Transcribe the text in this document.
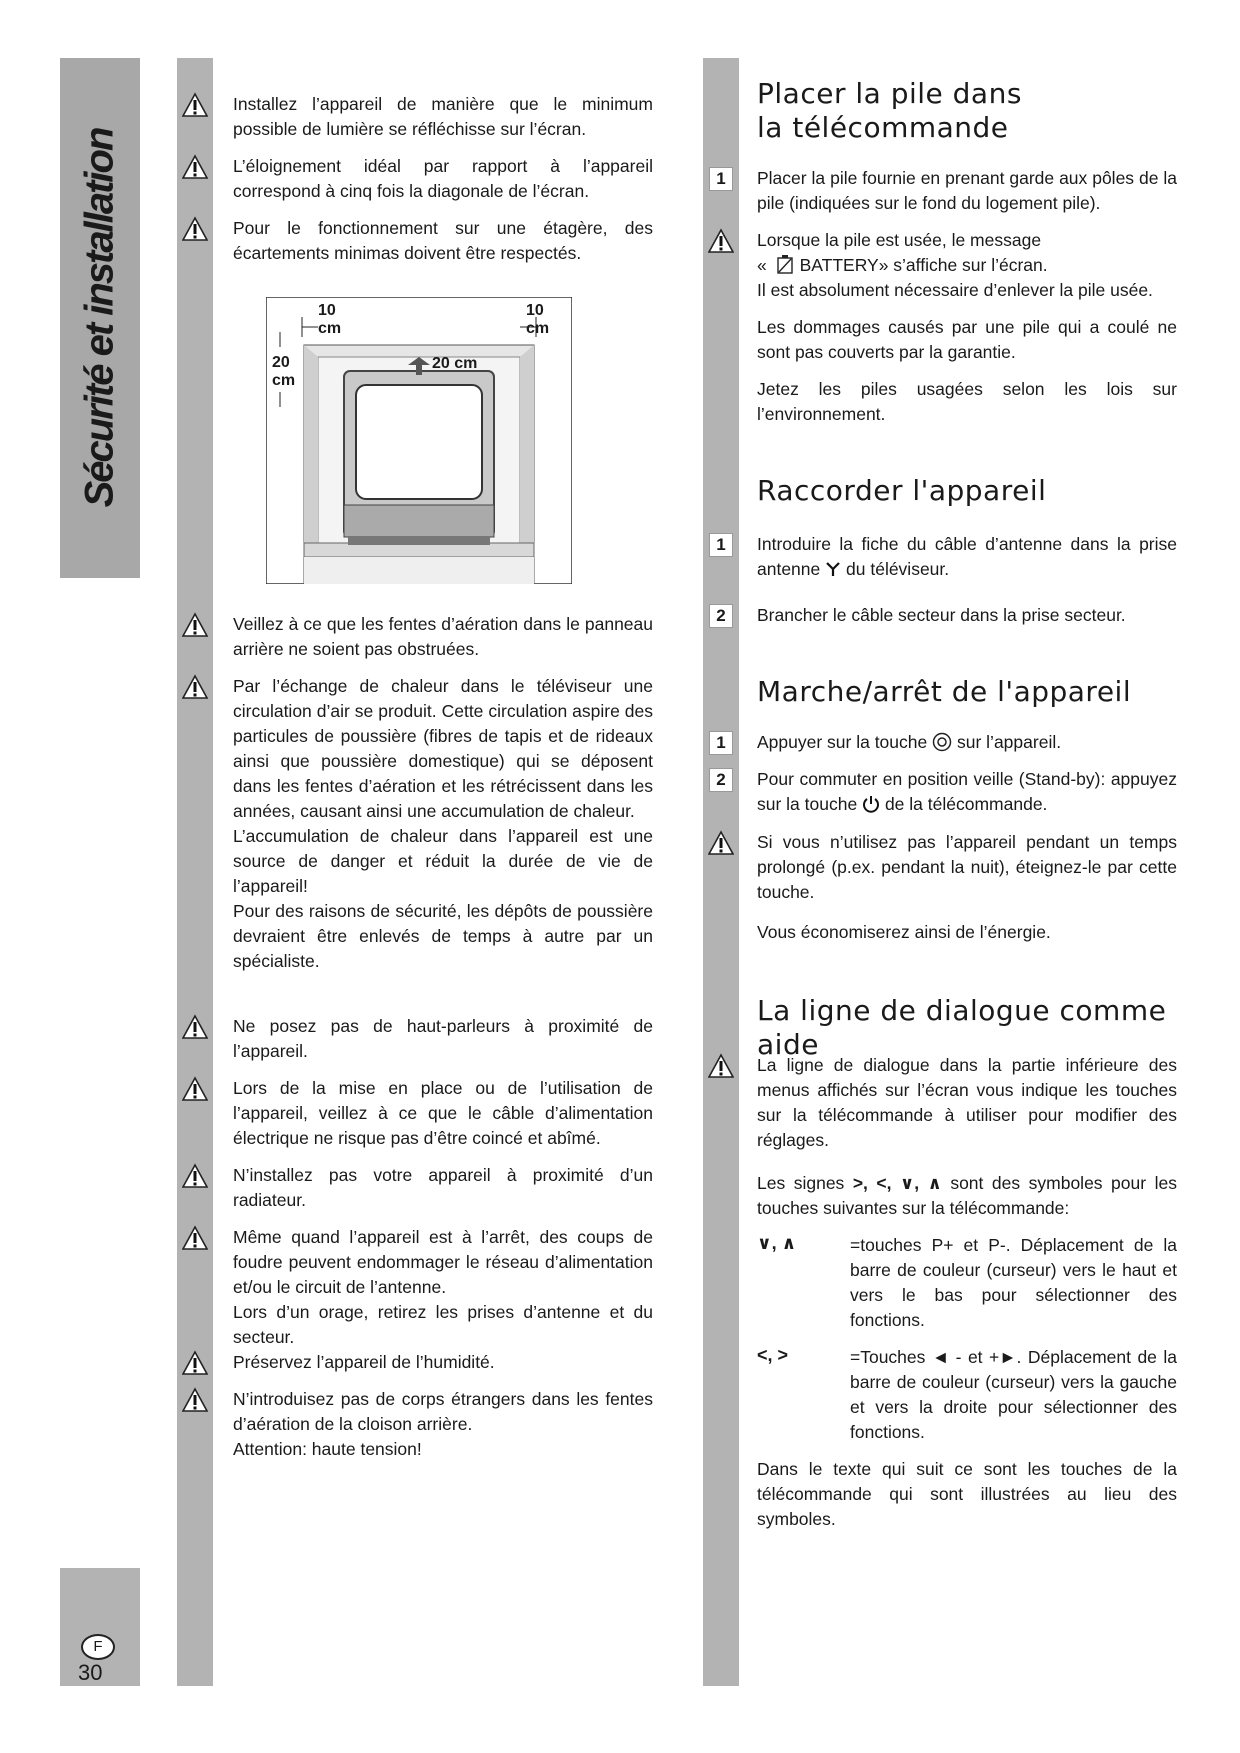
Sécurité et installation
F
30
Installez l’appareil de manière que le minimum possible de lumière se réfléchisse sur l’écran.
L’éloignement idéal par rapport à l’appareil correspond à cinq fois la diagonale de l’écran.
Pour le fonctionnement sur une étagère, des écartements minimas doivent être respectés.
10
cm
10
cm
20
cm
20 cm
Veillez à ce que les fentes d’aération dans le panneau arrière ne soient pas obstruées.
Par l’échange de chaleur dans le téléviseur une circulation d’air se produit. Cette circulation aspire des particules de poussière (fibres de tapis et de rideaux ainsi que poussière domestique) qui se déposent dans les fentes d’aération et les rétrécissent dans les années, causant ainsi une accumulation de chaleur.
L’accumulation de chaleur dans l’appareil est une source de danger et réduit la durée de vie de l’appareil!
Pour des raisons de sécurité, les dépôts de poussière devraient être enlevés de temps à autre par un spécialiste.
Ne posez pas de haut-parleurs à proximité de l’appareil.
Lors de la mise en place ou de l’utilisation de l’appareil, veillez à ce que le câble d’alimentation électrique ne risque pas d’être coincé et abîmé.
N’installez pas votre appareil à proximité d’un radiateur.
Même quand l’appareil est à l’arrêt, des coups de foudre peuvent endommager le réseau d’alimentation et/ou le circuit de l’antenne.
Lors d’un orage, retirez les prises d’antenne et du secteur.
Préservez l’appareil de l’humidité.
N’introduisez pas de corps étrangers dans les fentes d’aération de la cloison arrière.
Attention: haute tension!
Placer la pile dans la télécommande
1	Placer la pile fournie en prenant garde aux pôles de la pile (indiquées sur le fond du logement pile).
Lorsque la pile est usée, le message
« BATTERY» s’affiche sur l’écran.
Il est absolument nécessaire d’enlever la pile usée.
Les dommages causés par une pile qui a coulé ne sont pas couverts par la garantie.
Jetez les piles usagées selon les lois sur l’environnement.
Raccorder l'appareil
1	Introduire la fiche du câble d’antenne dans la prise antenne du téléviseur.
2	Brancher le câble secteur dans la prise secteur.
Marche/arrêt de l'appareil
1	Appuyer sur la touche sur l’appareil.
2	Pour commuter en position veille (Stand-by): appuyez sur la touche de la télécommande.
Si vous n’utilisez pas l’appareil pendant un temps prolongé (p.ex. pendant la nuit), éteignez-le par cette touche.
Vous économiserez ainsi de l’énergie.
La ligne de dialogue comme aide
La ligne de dialogue dans la partie inférieure des menus affichés sur l’écran vous indique les touches sur la télécommande à utiliser pour modifier des réglages.
Les signes >, <, ∨, ∧ sont des symboles pour les touches suivantes sur la télécommande:
∨, ∧	=touches P+ et P-. Déplacement de la barre de couleur (curseur) vers le haut et vers le bas pour sélectionner des fonctions.
<, >	=Touches ◄ - et +►. Déplacement de la barre de couleur (curseur) vers la gauche et vers la droite pour sélectionner des fonctions.
Dans le texte qui suit ce sont les touches de la télécommande qui sont illustrées au lieu des symboles.
